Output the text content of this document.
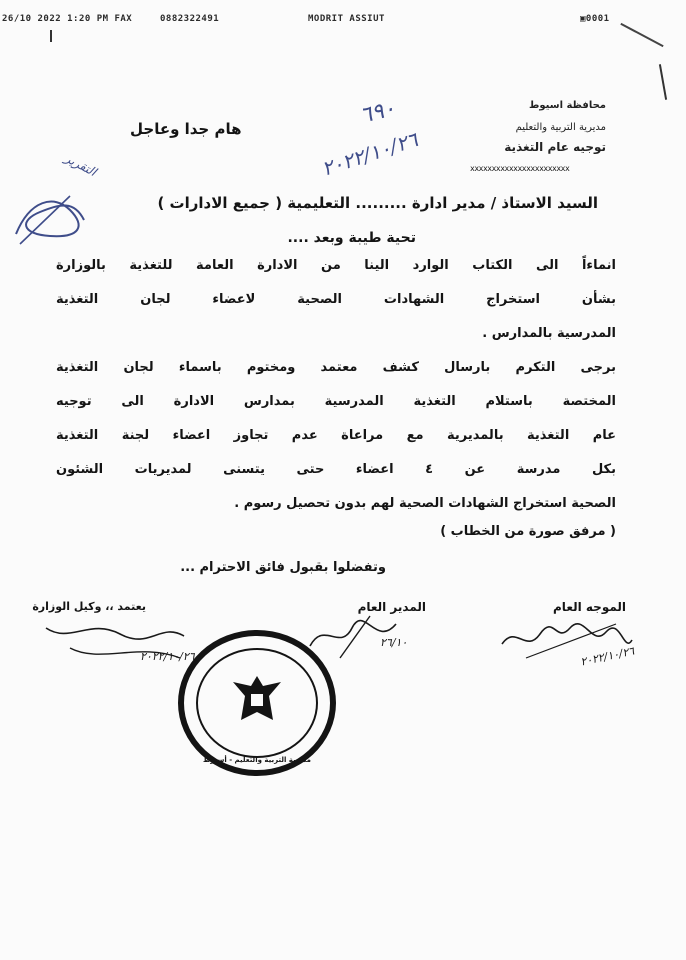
26/10 2022 1:20 PM FAX	0882322491	MODRIT ASSIUT	▣0001
محافظة اسيوط
مديرية التربية والتعليم
توجيه عام التغذية
xxxxxxxxxxxxxxxxxxxxxxx
هام جدا وعاجل
٦٩٠
٢٠٢٢/١٠/٢٦
التقرير
السيد الاستاذ / مدير ادارة ......... التعليمية ( جميع الادارات )
تحية طيبة وبعد ....
انماءاً الى الكتاب الوارد الينا من الادارة العامة للتغذية بالوزارة
بشأن استخراج الشهادات الصحية لاعضاء لجان التغذية
المدرسية بالمدارس .
برجى التكرم بارسال كشف معتمد ومختوم باسماء لجان التغذية
المختصة باستلام التغذية المدرسية بمدارس الادارة الى توجيه
عام التغذية بالمديرية مع مراعاة عدم تجاوز اعضاء لجنة التغذية
بكل مدرسة عن ٤ اعضاء حتى يتسنى لمديريات الشئون
الصحية استخراج الشهادات الصحية لهم بدون تحصيل رسوم .
( مرفق صورة من الخطاب )
وتفضلوا بقبول فائق الاحترام ...
الموجه العام
المدير العام
يعتمد ،، وكيل الوزارة
٢٠٢٢/١٠/٢٦
٢٦/١٠
٢٠٢٢/١٠/٢٦
مديرية التربية والتعليم - أسيوط
